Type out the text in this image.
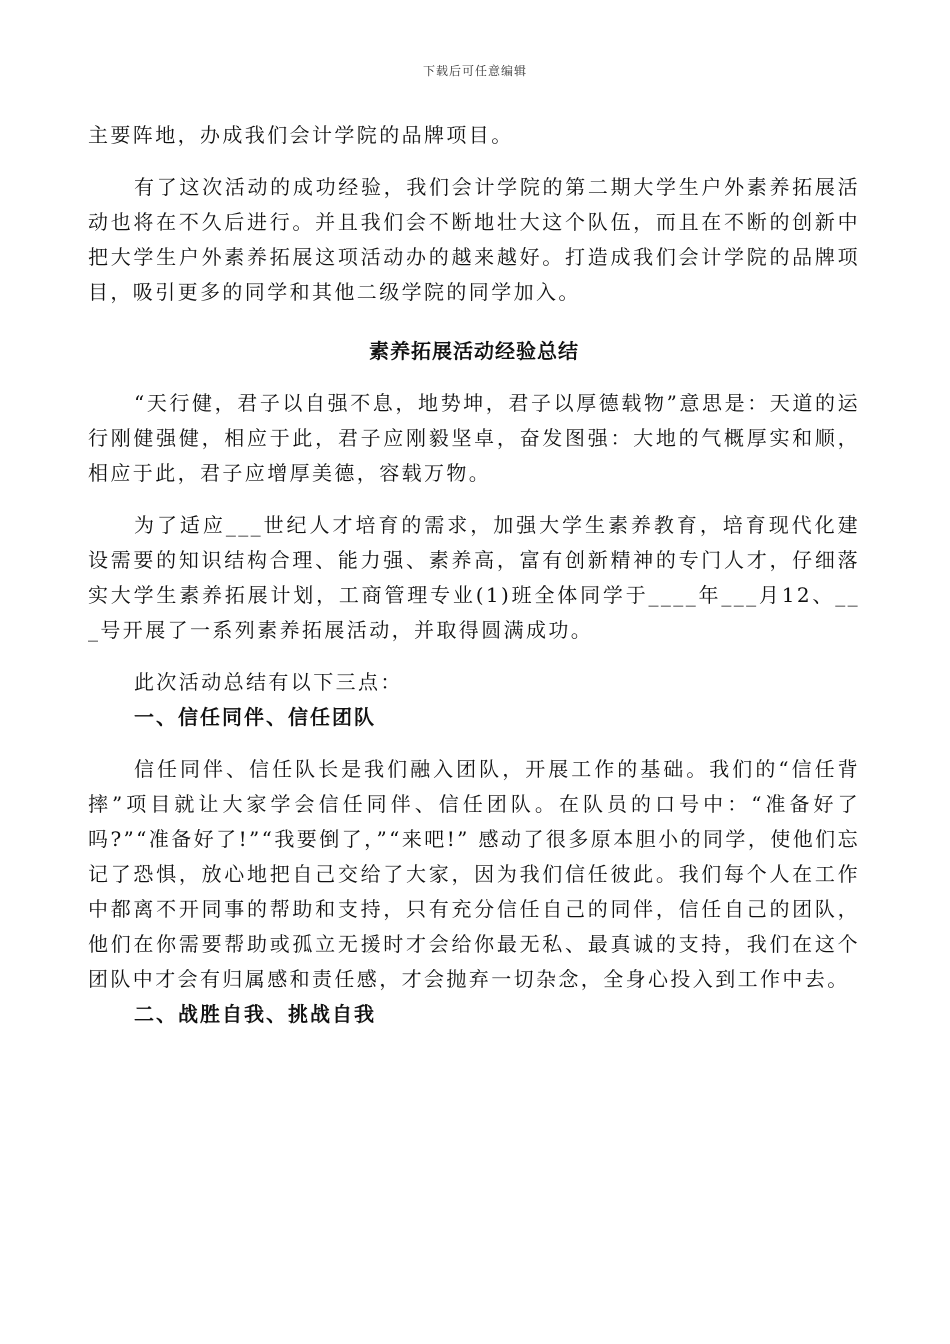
下载后可任意编辑

主要阵地，办成我们会计学院的品牌项目。

有了这次活动的成功经验，我们会计学院的第二期大学生户外素养拓展活动也将在不久后进行。并且我们会不断地壮大这个队伍，而且在不断的创新中把大学生户外素养拓展这项活动办的越来越好。打造成我们会计学院的品牌项目，吸引更多的同学和其他二级学院的同学加入。

素养拓展活动经验总结

“天行健，君子以自强不息，地势坤，君子以厚德载物”意思是：天道的运行刚健强健，相应于此，君子应刚毅坚卓，奋发图强：大地的气概厚实和顺，相应于此，君子应增厚美德，容载万物。

为了适应___世纪人才培育的需求，加强大学生素养教育，培育现代化建设需要的知识结构合理、能力强、素养高，富有创新精神的专门人才，仔细落实大学生素养拓展计划，工商管理专业(1)班全体同学于____年___月12、___号开展了一系列素养拓展活动，并取得圆满成功。

此次活动总结有以下三点：

一、信任同伴、信任团队

信任同伴、信任队长是我们融入团队，开展工作的基础。我们的“信任背摔”项目就让大家学会信任同伴、信任团队。在队员的口号中：“准备好了吗?”“准备好了!”“我要倒了，”“来吧!” 感动了很多原本胆小的同学，使他们忘记了恐惧，放心地把自己交给了大家，因为我们信任彼此。我们每个人在工作中都离不开同事的帮助和支持，只有充分信任自己的同伴，信任自己的团队，他们在你需要帮助或孤立无援时才会给你最无私、最真诚的支持，我们在这个团队中才会有归属感和责任感，才会抛弃一切杂念，全身心投入到工作中去。

二、战胜自我、挑战自我
